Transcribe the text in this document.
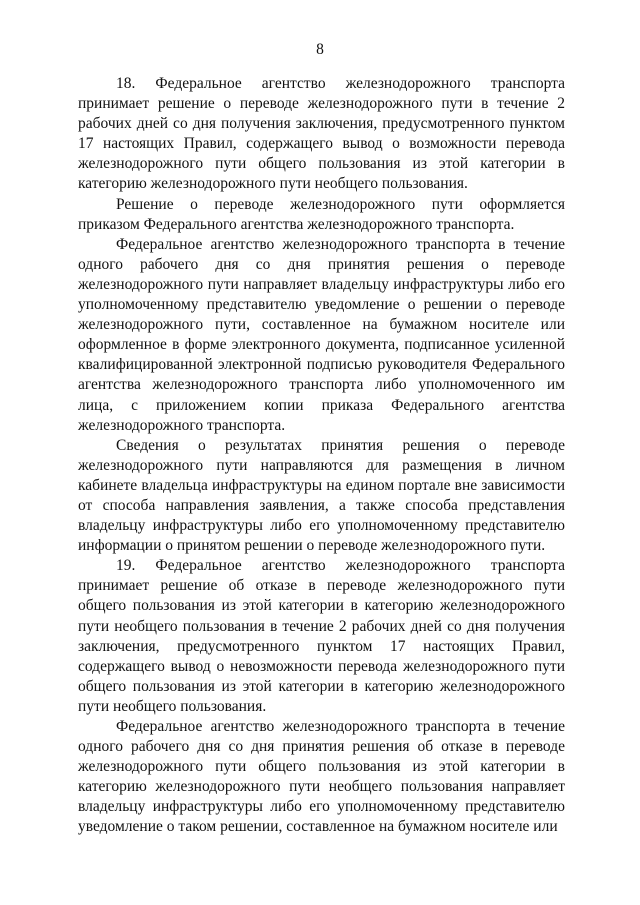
8

18. Федеральное агентство железнодорожного транспорта принимает решение о переводе железнодорожного пути в течение 2 рабочих дней со дня получения заключения, предусмотренного пунктом 17 настоящих Правил, содержащего вывод о возможности перевода железнодорожного пути общего пользования из этой категории в категорию железнодорожного пути необщего пользования.

Решение о переводе железнодорожного пути оформляется приказом Федерального агентства железнодорожного транспорта.

Федеральное агентство железнодорожного транспорта в течение одного рабочего дня со дня принятия решения о переводе железнодорожного пути направляет владельцу инфраструктуры либо его уполномоченному представителю уведомление о решении о переводе железнодорожного пути, составленное на бумажном носителе или оформленное в форме электронного документа, подписанное усиленной квалифицированной электронной подписью руководителя Федерального агентства железнодорожного транспорта либо уполномоченного им лица, с приложением копии приказа Федерального агентства железнодорожного транспорта.

Сведения о результатах принятия решения о переводе железнодорожного пути направляются для размещения в личном кабинете владельца инфраструктуры на едином портале вне зависимости от способа направления заявления, а также способа представления владельцу инфраструктуры либо его уполномоченному представителю информации о принятом решении о переводе железнодорожного пути.

19. Федеральное агентство железнодорожного транспорта принимает решение об отказе в переводе железнодорожного пути общего пользования из этой категории в категорию железнодорожного пути необщего пользования в течение 2 рабочих дней со дня получения заключения, предусмотренного пунктом 17 настоящих Правил, содержащего вывод о невозможности перевода железнодорожного пути общего пользования из этой категории в категорию железнодорожного пути необщего пользования.

Федеральное агентство железнодорожного транспорта в течение одного рабочего дня со дня принятия решения об отказе в переводе железнодорожного пути общего пользования из этой категории в категорию железнодорожного пути необщего пользования направляет владельцу инфраструктуры либо его уполномоченному представителю уведомление о таком решении, составленное на бумажном носителе или
